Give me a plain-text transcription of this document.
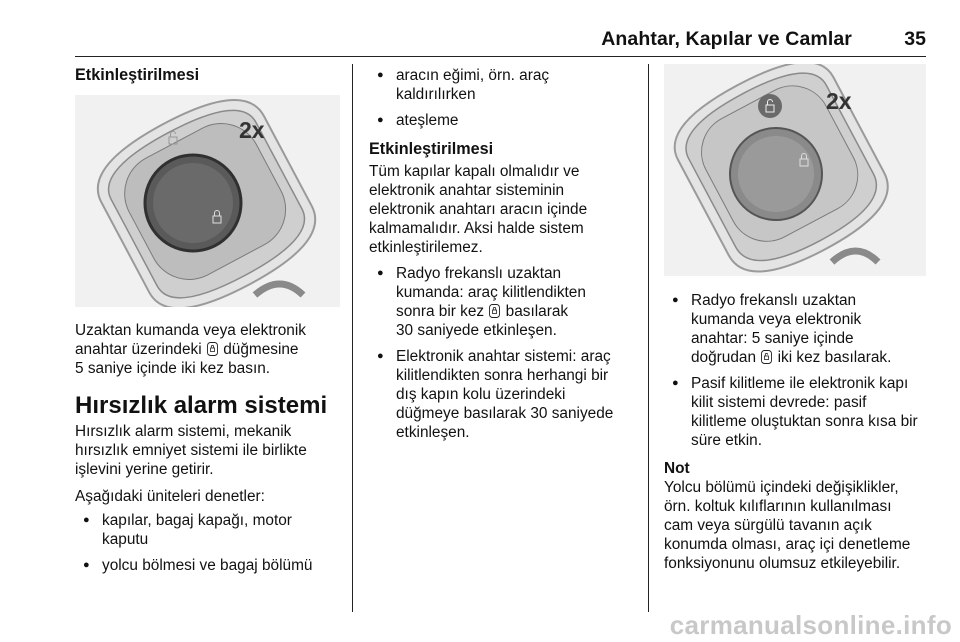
Anahtar, Kapılar ve Camlar	35

Etkinleştirilmesi

2x

Uzaktan kumanda veya elektronik

anahtar üzerindeki düğmesine

5 saniye içinde iki kez basın.

Hırsızlık alarm sistemi

Hırsızlık alarm sistemi, mekanik

hırsızlık emniyet sistemi ile birlikte

işlevini yerine getirir.

Aşağıdaki üniteleri denetler:

● kapılar, bagaj kapağı, motor

kaputu

● yolcu bölmesi ve bagaj bölümü

● aracın eğimi, örn. araç

kaldırılırken

● ateşleme

Etkinleştirilmesi

Tüm kapılar kapalı olmalıdır ve

elektronik anahtar sisteminin

elektronik anahtarı aracın içinde

kalmamalıdır. Aksi halde sistem

etkinleştirilemez.

● Radyo frekanslı uzaktan

kumanda: araç kilitlendikten

sonra bir kez basılarak

30 saniyede etkinleşen.

● Elektronik anahtar sistemi: araç

kilitlendikten sonra herhangi bir

dış kapın kolu üzerindeki

düğmeye basılarak 30 saniyede

etkinleşen.

2x

● Radyo frekanslı uzaktan

kumanda veya elektronik

anahtar: 5 saniye içinde

doğrudan iki kez basılarak.

● Pasif kilitleme ile elektronik kapı

kilit sistemi devrede: pasif

kilitleme oluştuktan sonra kısa bir

süre etkin.

Not

Yolcu bölümü içindeki değişiklikler,

örn. koltuk kılıflarının kullanılması

cam veya sürgülü tavanın açık

konumda olması, araç içi denetleme

fonksiyonunu olumsuz etkileyebilir.

carmanualsonline.info
